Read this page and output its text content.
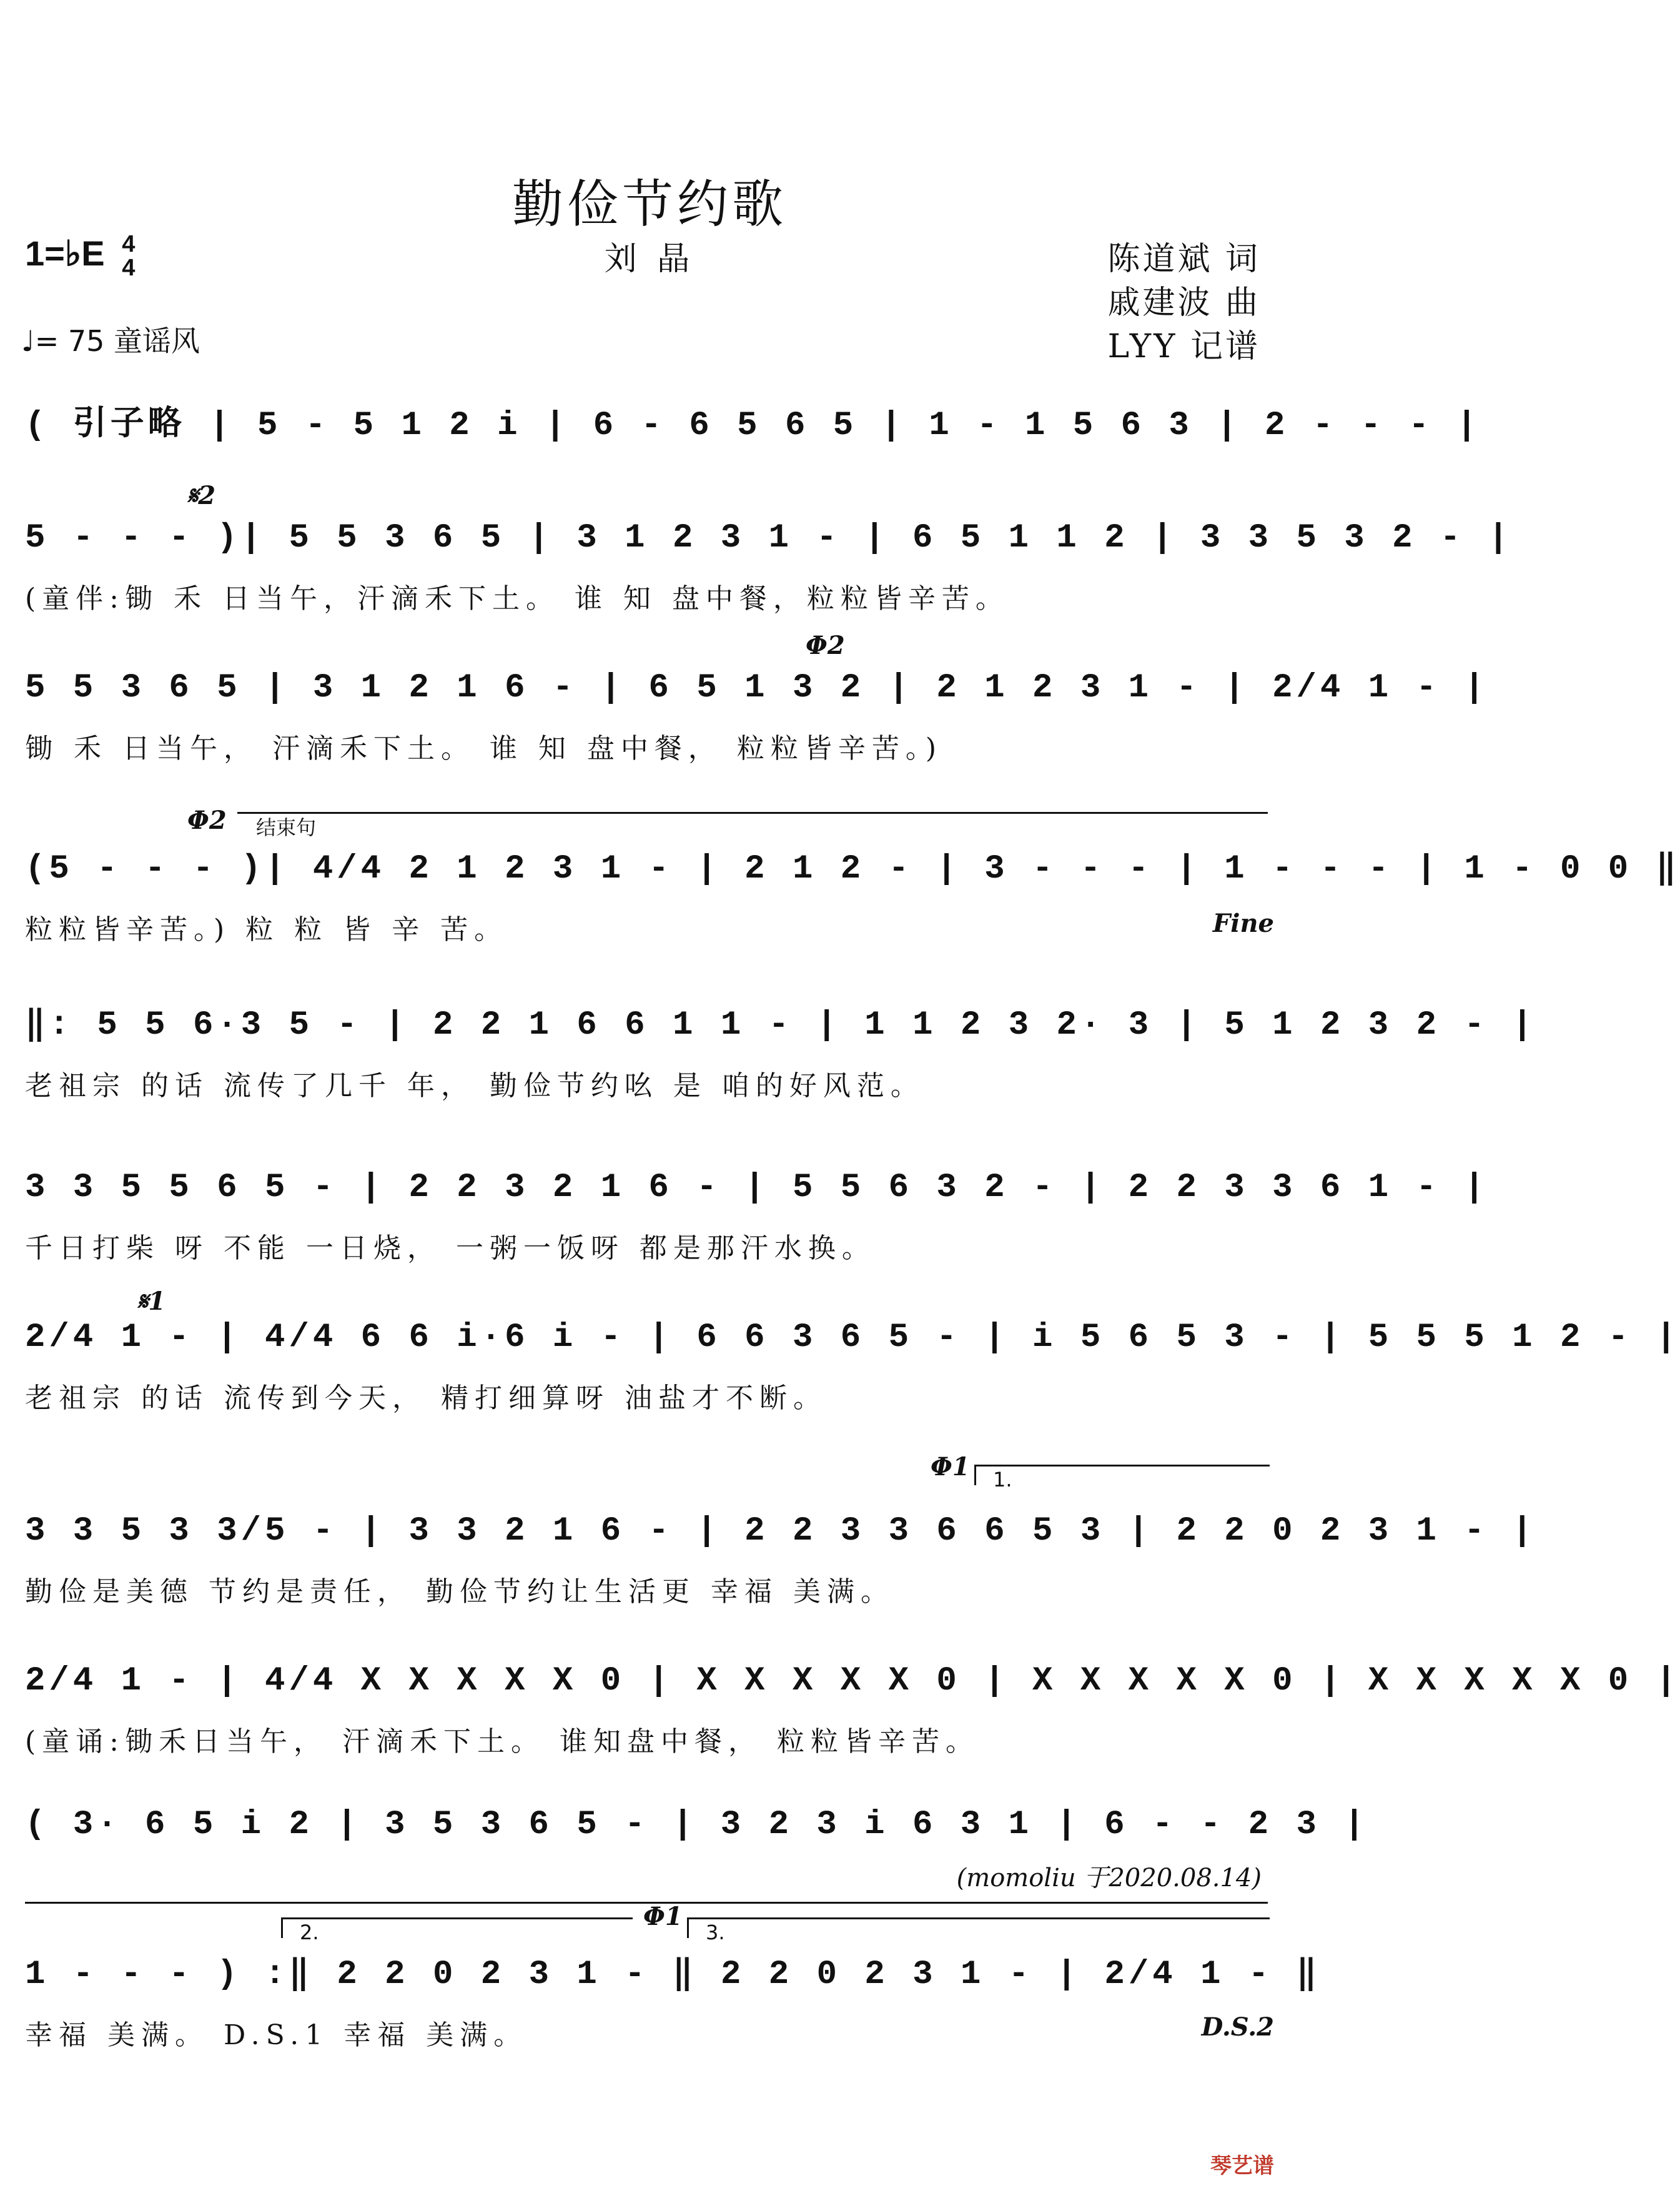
勤俭节约歌
刘 晶	陈道斌 词
戚建波 曲
LYY 记谱
1=♭E 4
4
♩= 75 童谣风
( 引子略 | 5 - 5 1 2 i | 6 - 6 5 6 5 | 1 - 1 5 6 3 | 2 - - - |
𝄋2
5 - - - )| 5 5 3 6 5 | 3 1 2 3 1 - | 6 5 1 1 2 | 3 3 5 3 2 - |
(童伴:锄 禾 日当午，汗滴禾下土。 谁 知 盘中餐，粒粒皆辛苦。
Φ2
5 5 3 6 5 | 3 1 2 1 6 - | 6 5 1 3 2 | 2 1 2 3 1 - | 2/4 1 - |
锄 禾 日当午， 汗滴禾下土。 谁 知 盘中餐， 粒粒皆辛苦。)
Φ2 结束句
(5 - - - )| 4/4 2 1 2 3 1 - | 2 1 2 - | 3 - - - | 1 - - - | 1 - 0 0 ‖
粒粒皆辛苦。) 粒 粒 皆 辛 苦。	Fine
‖: 5 5 6·3 5 - | 2 2 1 6 6 1 1 - | 1 1 2 3 2· 3 | 5 1 2 3 2 - |
老祖宗 的话 流传了几千 年， 勤俭节约吆 是 咱的好风范。
3 3 5 5 6 5 - | 2 2 3 2 1 6 - | 5 5 6 3 2 - | 2 2 3 3 6 1 - |
千日打柴 呀 不能 一日烧， 一粥一饭呀 都是那汗水换。
𝄋1
2/4 1 - | 4/4 6 6 i·6 i - | 6 6 3 6 5 - | i 5 6 5 3 - | 5 5 5 1 2 - |
老祖宗 的话 流传到今天， 精打细算呀 油盐才不断。
Φ1 1.
3 3 5 3 3/5 - | 3 3 2 1 6 - | 2 2 3 3 6 6 5 3 | 2 2 0 2 3 1 - |
勤俭是美德 节约是责任， 勤俭节约让生活更 幸福 美满。
2/4 1 - | 4/4 X X X X X 0 | X X X X X 0 | X X X X X 0 | X X X X X 0 |
(童诵:锄禾日当午， 汗滴禾下土。 谁知盘中餐， 粒粒皆辛苦。
( 3· 6 5 i 2 | 3 5 3 6 5 - | 3 2 3 i 6 3 1 | 6 - - 2 3 |
(momoliu 于2020.08.14)
Φ1
2.	3.
1 - - - ) :‖ 2 2 0 2 3 1 - ‖ 2 2 0 2 3 1 - | 2/4 1 - ‖
幸福 美满。 D.S.1 幸福 美满。	D.S.2
琴艺谱
